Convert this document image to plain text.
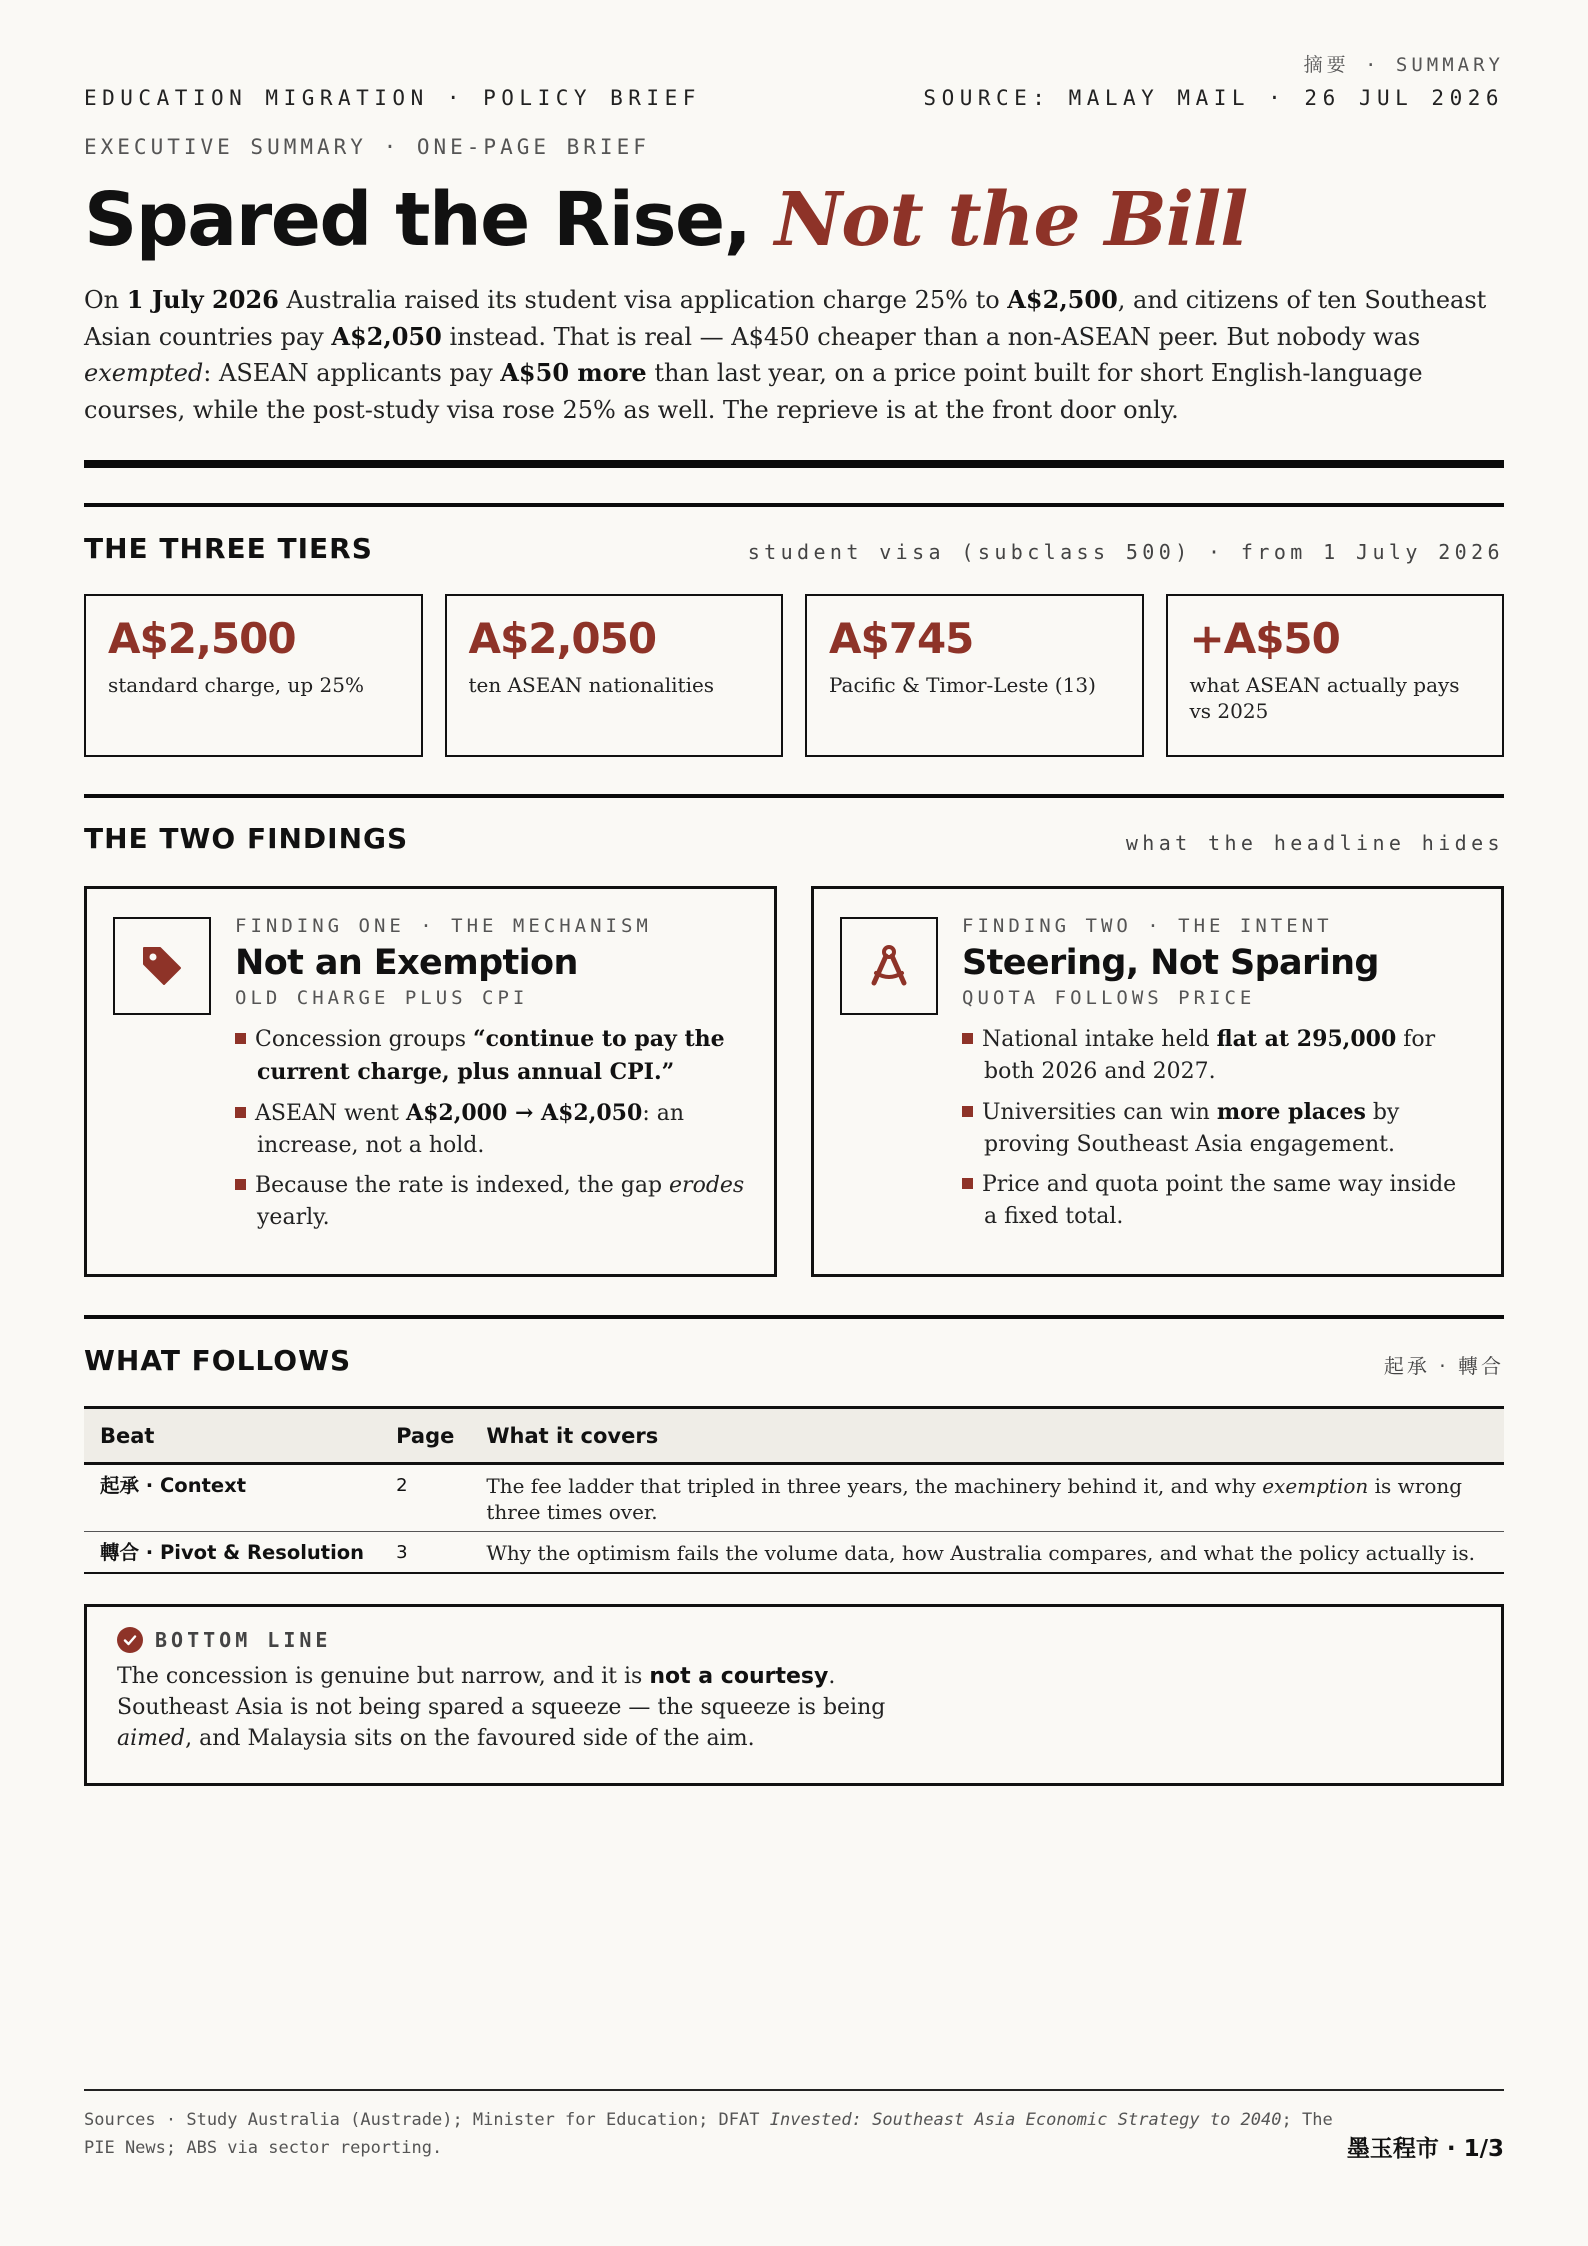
摘要 · SUMMARY
EDUCATION MIGRATION · POLICY BRIEF	SOURCE: MALAY MAIL · 26 JUL 2026
EXECUTIVE SUMMARY · ONE-PAGE BRIEF
Spared the Rise, Not the Bill

On 1 July 2026 Australia raised its student visa application charge 25% to A$2,500, and citizens of ten Southeast Asian countries pay A$2,050 instead. That is real — A$450 cheaper than a non-ASEAN peer. But nobody was exempted: ASEAN applicants pay A$50 more than last year, on a price point built for short English-language courses, while the post-study visa rose 25% as well. The reprieve is at the front door only.

THE THREE TIERS	student visa (subclass 500) · from 1 July 2026
A$2,500
standard charge, up 25%
A$2,050
ten ASEAN nationalities
A$745
Pacific & Timor-Leste (13)
+A$50
what ASEAN actually pays vs 2025
THE TWO FINDINGS	what the headline hides
FINDING ONE · THE MECHANISM
Not an Exemption
OLD CHARGE PLUS CPI
Concession groups “continue to pay the current charge, plus annual CPI.”
ASEAN went A$2,000 → A$2,050: an increase, not a hold.
Because the rate is indexed, the gap erodes yearly.
FINDING TWO · THE INTENT
Steering, Not Sparing
QUOTA FOLLOWS PRICE
National intake held flat at 295,000 for both 2026 and 2027.
Universities can win more places by proving Southeast Asia engagement.
Price and quota point the same way inside a fixed total.
WHAT FOLLOWS	起承 · 轉合
Beat	Page	What it covers
起承 · Context	2	The fee ladder that tripled in three years, the machinery behind it, and why exemption is wrong three times over.
轉合 · Pivot & Resolution	3	Why the optimism fails the volume data, how Australia compares, and what the policy actually is.
BOTTOM LINE

The concession is genuine but narrow, and it is not a courtesy. Southeast Asia is not being spared a squeeze — the squeeze is being aimed, and Malaysia sits on the favoured side of the aim.

Sources · Study Australia (Austrade); Minister for Education; DFAT Invested: Southeast Asia Economic Strategy to 2040; The PIE News; ABS via sector reporting.	墨玉程市 · 1/3
